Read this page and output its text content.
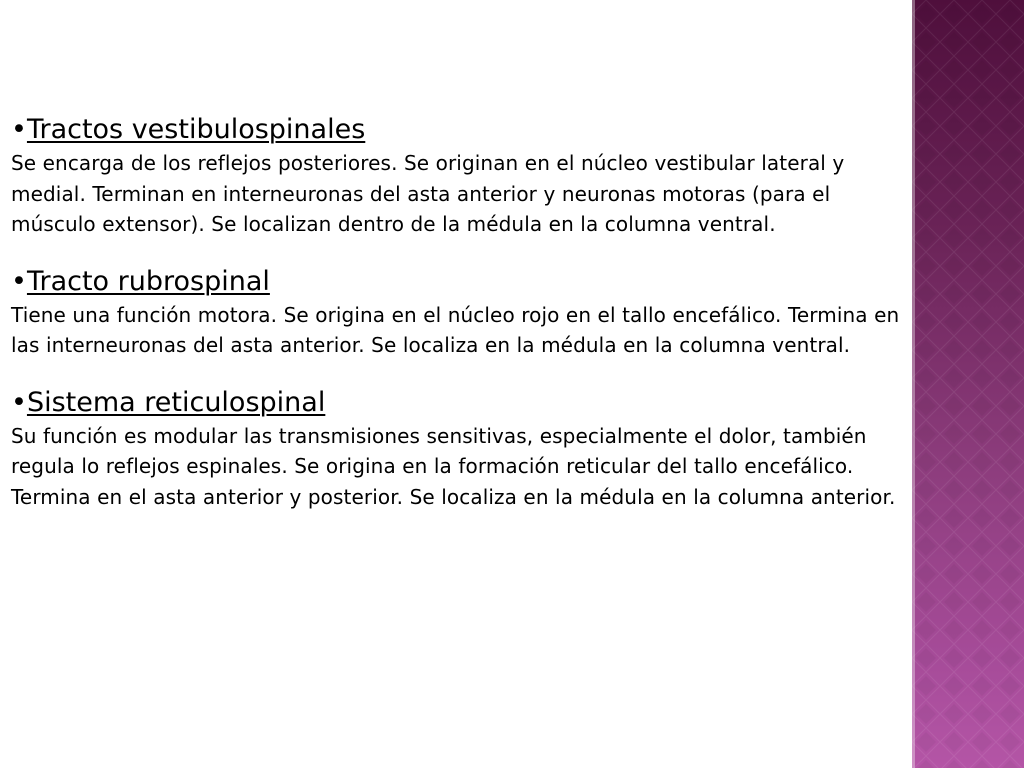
•Tractos vestibulospinales
Se encarga de los reflejos posteriores. Se originan en el núcleo vestibular lateral y medial. Terminan en interneuronas del asta anterior y neuronas motoras (para el músculo extensor). Se localizan dentro de la médula en la columna ventral.
•Tracto rubrospinal
Tiene una función motora. Se origina en el núcleo rojo en el tallo encefálico. Termina en las interneuronas del asta anterior. Se localiza en la médula en la columna ventral.
•Sistema reticulospinal
Su función es modular las transmisiones sensitivas, especialmente el dolor, también regula lo reflejos espinales. Se origina en la formación reticular del tallo encefálico. Termina en el asta anterior y posterior. Se localiza en la médula en la columna anterior.
